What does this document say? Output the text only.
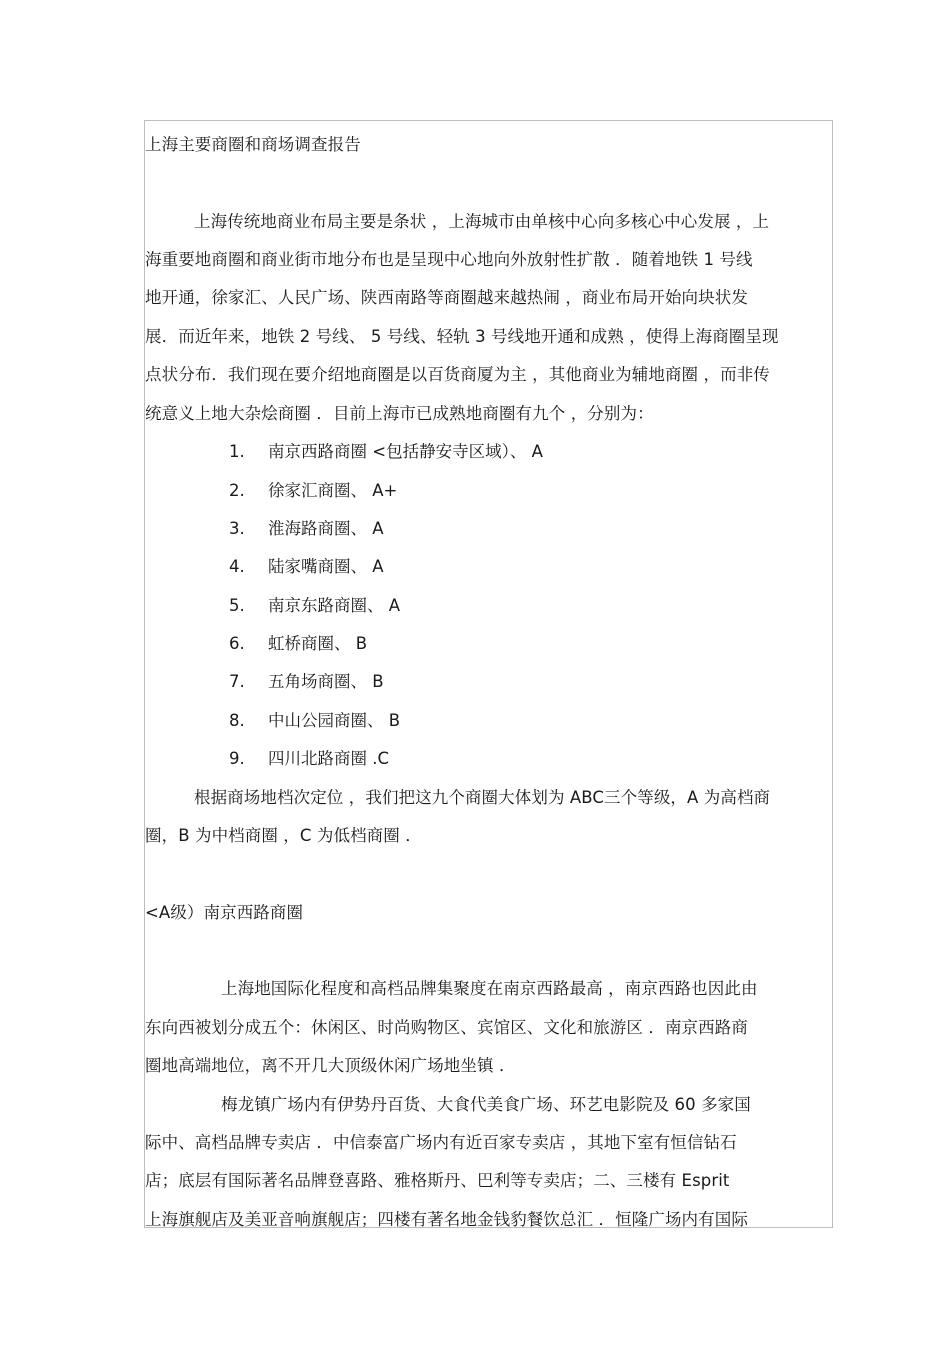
上海主要商圈和商场调查报告
上海传统地商业布局主要是条状 ，上海城市由单核中心向多核心中心发展 ，上
海重要地商圈和商业街市地分布也是呈现中心地向外放射性扩散 ．随着地铁 1 号线
地开通，徐家汇、人民广场、陕西南路等商圈越来越热闹 ，商业布局开始向块状发
展．而近年来，地铁 2 号线、 5 号线、轻轨 3 号线地开通和成熟 ，使得上海商圈呈现
点状分布．我们现在要介绍地商圈是以百货商厦为主 ，其他商业为辅地商圈 ，而非传
统意义上地大杂烩商圈 ．目前上海市已成熟地商圈有九个 ，分别为：
1. 南京西路商圈 <包括静安寺区域）、 A
2. 徐家汇商圈、 A+
3. 淮海路商圈、 A
4. 陆家嘴商圈、 A
5. 南京东路商圈、 A
6. 虹桥商圈、 B
7. 五角场商圈、 B
8. 中山公园商圈、 B
9. 四川北路商圈 .C
根据商场地档次定位 ，我们把这九个商圈大体划为 ABC三个等级，A 为高档商
圈，B 为中档商圈 ，C 为低档商圈 ．
<A级）南京西路商圈
上海地国际化程度和高档品牌集聚度在南京西路最高 ，南京西路也因此由
东向西被划分成五个：休闲区、时尚购物区、宾馆区、文化和旅游区 ．南京西路商
圈地高端地位，离不开几大顶级休闲广场地坐镇 ．
梅龙镇广场内有伊势丹百货、大食代美食广场、环艺电影院及 60 多家国
际中、高档品牌专卖店 ．中信泰富广场内有近百家专卖店 ，其地下室有恒信钻石
店；底层有国际著名品牌登喜路、雅格斯丹、巴利等专卖店；二、三楼有 Esprit
上海旗舰店及美亚音响旗舰店；四楼有著名地金钱豹餐饮总汇 ．恒隆广场内有国际
